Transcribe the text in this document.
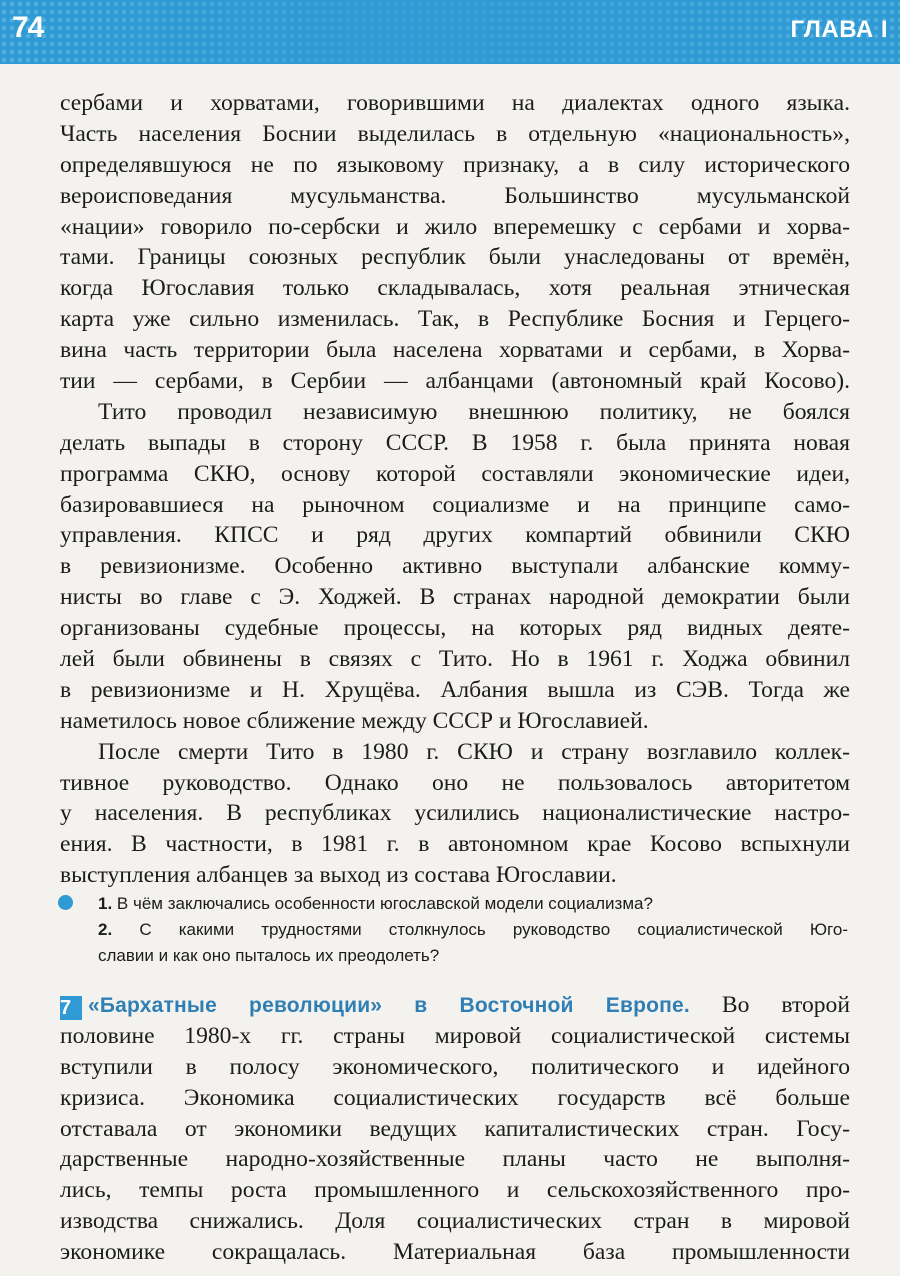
74	ГЛАВА I
сербами и хорватами, говорившими на диалектах одного языка.
Часть населения Боснии выделилась в отдельную «национальность»,
определявшуюся не по языковому признаку, а в силу исторического
вероисповедания мусульманства. Большинство мусульманской
«нации» говорило по-сербски и жило вперемешку с сербами и хорва-
тами. Границы союзных республик были унаследованы от времён,
когда Югославия только складывалась, хотя реальная этническая
карта уже сильно изменилась. Так, в Республике Босния и Герцего-
вина часть территории была населена хорватами и сербами, в Хорва-
тии — сербами, в Сербии — албанцами (автономный край Косово).
Тито проводил независимую внешнюю политику, не боялся
делать выпады в сторону СССР. В 1958 г. была принята новая
программа СКЮ, основу которой составляли экономические идеи,
базировавшиеся на рыночном социализме и на принципе само-
управления. КПСС и ряд других компартий обвинили СКЮ
в ревизионизме. Особенно активно выступали албанские комму-
нисты во главе с Э. Ходжей. В странах народной демократии были
организованы судебные процессы, на которых ряд видных деяте-
лей были обвинены в связях с Тито. Но в 1961 г. Ходжа обвинил
в ревизионизме и Н. Хрущёва. Албания вышла из СЭВ. Тогда же
наметилось новое сближение между СССР и Югославией.
После смерти Тито в 1980 г. СКЮ и страну возглавило коллек-
тивное руководство. Однако оно не пользовалось авторитетом
у населения. В республиках усилились националистические настро-
ения. В частности, в 1981 г. в автономном крае Косово вспыхнули
выступления албанцев за выход из состава Югославии.
1. В чём заключались особенности югославской модели социализма?
2. С какими трудностями столкнулось руководство социалистической Юго-
славии и как оно пыталось их преодолеть?
7 «Бархатные революции» в Восточной Европе. Во второй
половине 1980-х гг. страны мировой социалистической системы
вступили в полосу экономического, политического и идейного
кризиса. Экономика социалистических государств всё больше
отставала от экономики ведущих капиталистических стран. Госу-
дарственные народно-хозяйственные планы часто не выполня-
лись, темпы роста промышленного и сельскохозяйственного про-
изводства снижались. Доля социалистических стран в мировой
экономике сокращалась. Материальная база промышленности
